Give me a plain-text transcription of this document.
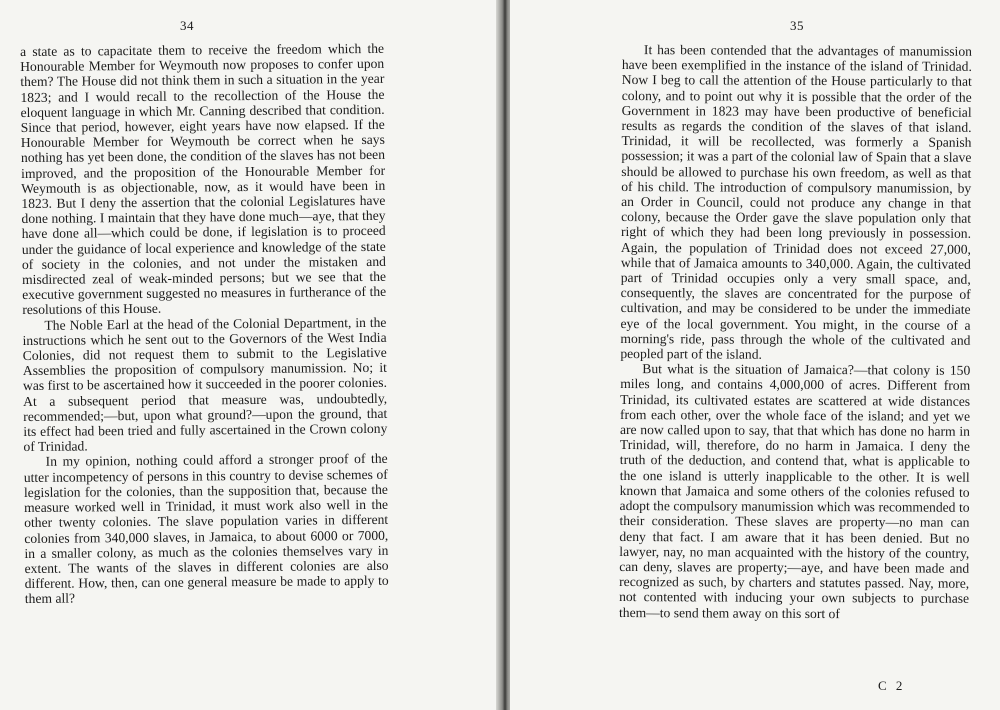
34

a state as to capacitate them to receive the freedom which the Honourable Member for Weymouth now proposes to confer upon them? The House did not think them in such a situation in the year 1823; and I would recall to the recollection of the House the eloquent language in which Mr. Canning described that condition. Since that period, however, eight years have now elapsed. If the Honourable Member for Weymouth be correct when he says nothing has yet been done, the condition of the slaves has not been improved, and the proposition of the Honourable Member for Weymouth is as objectionable, now, as it would have been in 1823. But I deny the assertion that the colonial Legislatures have done nothing. I maintain that they have done much—aye, that they have done all—which could be done, if legislation is to proceed under the guidance of local experience and knowledge of the state of society in the colonies, and not under the mistaken and misdirected zeal of weak-minded persons; but we see that the executive government suggested no measures in furtherance of the resolutions of this House.

The Noble Earl at the head of the Colonial Department, in the instructions which he sent out to the Governors of the West India Colonies, did not request them to submit to the Legislative Assemblies the proposition of compulsory manumission. No; it was first to be ascertained how it succeeded in the poorer colonies. At a subsequent period that measure was, undoubtedly, recommended;—but, upon what ground?—upon the ground, that its effect had been tried and fully ascertained in the Crown colony of Trinidad.

In my opinion, nothing could afford a stronger proof of the utter incompetency of persons in this country to devise schemes of legislation for the colonies, than the supposition that, because the measure worked well in Trinidad, it must work also well in the other twenty colonies. The slave population varies in different colonies from 340,000 slaves, in Jamaica, to about 6000 or 7000, in a smaller colony, as much as the colonies themselves vary in extent. The wants of the slaves in different colonies are also different. How, then, can one general measure be made to apply to them all?

35

It has been contended that the advantages of manumission have been exemplified in the instance of the island of Trinidad. Now I beg to call the attention of the House particularly to that colony, and to point out why it is possible that the order of the Government in 1823 may have been productive of beneficial results as regards the condition of the slaves of that island. Trinidad, it will be recollected, was formerly a Spanish possession; it was a part of the colonial law of Spain that a slave should be allowed to purchase his own freedom, as well as that of his child. The introduction of compulsory manumission, by an Order in Council, could not produce any change in that colony, because the Order gave the slave population only that right of which they had been long previously in possession. Again, the population of Trinidad does not exceed 27,000, while that of Jamaica amounts to 340,000. Again, the cultivated part of Trinidad occupies only a very small space, and, consequently, the slaves are concentrated for the purpose of cultivation, and may be considered to be under the immediate eye of the local government. You might, in the course of a morning's ride, pass through the whole of the cultivated and peopled part of the island.

But what is the situation of Jamaica?—that colony is 150 miles long, and contains 4,000,000 of acres. Different from Trinidad, its cultivated estates are scattered at wide distances from each other, over the whole face of the island; and yet we are now called upon to say, that that which has done no harm in Trinidad, will, therefore, do no harm in Jamaica. I deny the truth of the deduction, and contend that, what is applicable to the one island is utterly inapplicable to the other. It is well known that Jamaica and some others of the colonies refused to adopt the compulsory manumission which was recommended to their consideration. These slaves are property—no man can deny that fact. I am aware that it has been denied. But no lawyer, nay, no man acquainted with the history of the country, can deny, slaves are property;—aye, and have been made and recognized as such, by charters and statutes passed. Nay, more, not contented with inducing your own subjects to purchase them—to send them away on this sort of

C 2
